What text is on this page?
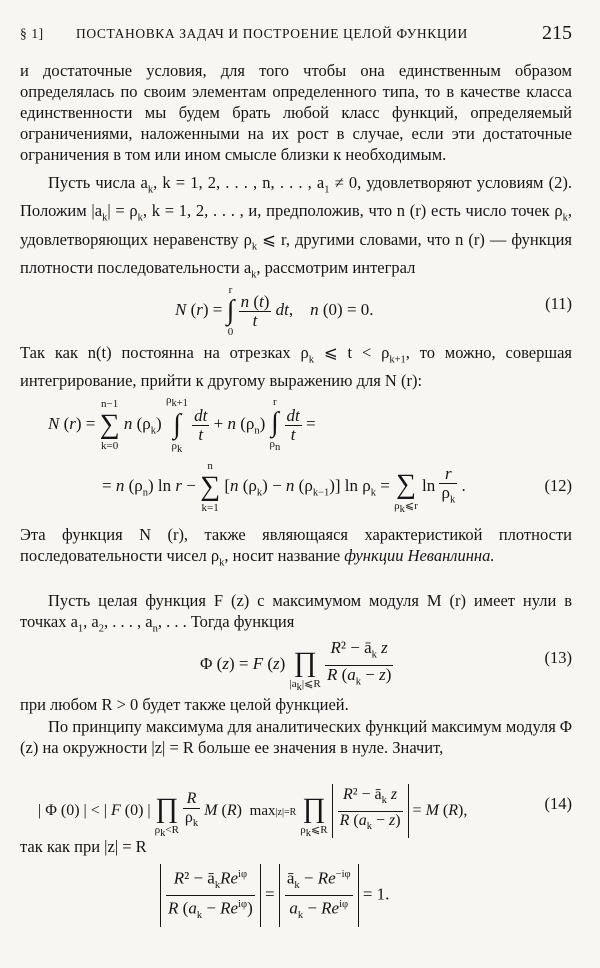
§ 1] ПОСТАНОВКА ЗАДАЧ И ПОСТРОЕНИЕ ЦЕЛОЙ ФУНКЦИИ	215

и достаточные условия, для того чтобы она единственным образом определялась по своим элементам определенного типа, то в качестве класса единственности мы будем брать любой класс функций, определяемый ограничениями, наложенными на их рост в случае, если эти достаточные ограничения в том или ином смысле близки к необходимым.

Пусть числа $a_k$, k = 1, 2, . . . , n, . . . , $a_1 \ne 0$, удовлетворяют условиям (2). Положим $|a_k| = \rho_k$, k = 1, 2, . . . , и, предположив, что n (r) есть число точек $\rho_k$, удовлетворяющих неравенству $\rho_k$ ⩽ r, другими словами, что n (r) — функция плотности последовательности $a_k$, рассмотрим интеграл

N (r) = r
∫
0
$\frac{n (t)}{t}$ dt,    n (0) = 0.	(11)

Так как n(t) постоянна на отрезках $\rho_k$ ⩽ $t < \rho_{k+1}$, то можно, совершая интегрирование, прийти к другому выражению для N (r):

N (r) = n−1
∑
k=0 n $(\rho_k)$ $\rho_{k+1}$
∫
$\rho_k$
$\frac{dt}{t} + n$ $(\rho_n)$ r
∫
$\rho_n$
$\frac{dt}{t}$ =
= n $(\rho_n)$ ln r − n
∑
k=1 [n $(\rho_k) - n$ $(\rho_{k-1})$] $\ln \rho_k$ = ∑
$\rho_k⩽r$ $\ln \frac{r}{\rho_k}$ .	(12)

Эта функция N (r), также являющаяся характеристикой плотности последовательности чисел $\rho_k$, носит название функции Неванлинна.

Пусть целая функция F (z) с максимумом модуля M (r) имеет нули в точках $a_1$, $a_2$, . . . , $a_n$, . . . Тогда функция

Φ (z) = F (z) ∏
$|a_k|⩽R \frac{R^2 - ā_k z}{R (a_k - z)}$	(13)

при любом R > 0 будет также целой функцией.

По принципу максимума для аналитических функций максимум модуля Φ (z) на окружности |z| = R больше ее значения в нуле. Значит,

| Φ (0) | < | F (0) | ∏
$\rho_k<R \frac{R}{\rho_k}$ M (R)  max|z|=R ∏
$\rho_k⩽R \frac{R^2 - ā_k z}{R (a_k - z)} = M$ (R),	(14)

так как при |z| = R

$\frac{R^2 - ā_kRe^{i\varphi}}{R (a_k - Re^{i\varphi})} = \frac{ā_k - Re^{-i\varphi}}{a_k - Re^{i\varphi}} = 1$.
